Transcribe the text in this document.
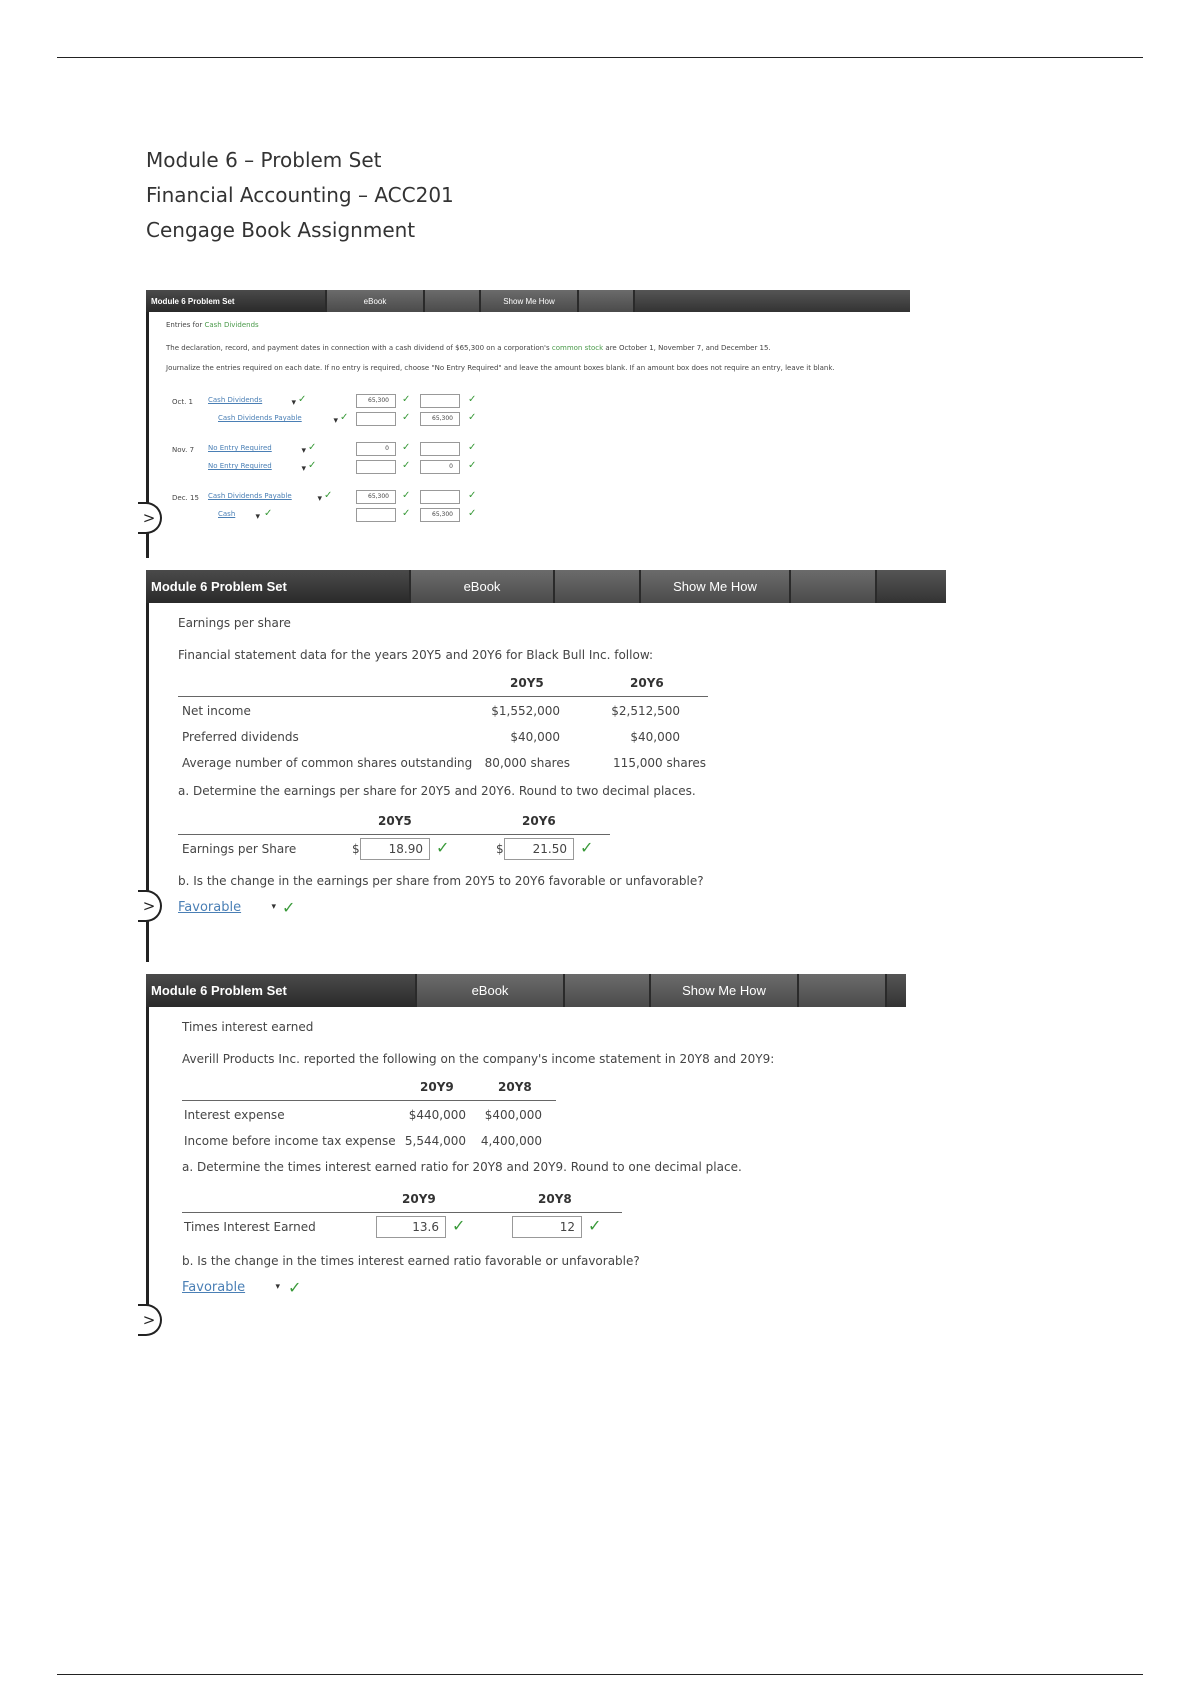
Module 6 – Problem Set
Financial Accounting – ACC201
Cengage Book Assignment
Module 6 Problem Set	eBook	Show Me How
Entries for Cash Dividends
The declaration, record, and payment dates in connection with a cash dividend of $65,300 on a corporation's common stock are October 1, November 7, and December 15.
Journalize the entries required on each date. If no entry is required, choose "No Entry Required" and leave the amount boxes blank. If an amount box does not require an entry, leave it blank.
Oct. 1 Cash Dividends	▾ ✓	65,300	✓	✓
Cash Dividends Payable	▾ ✓	✓	65,300	✓
Nov. 7 No Entry Required	▾ ✓	0	✓	✓
No Entry Required	▾ ✓	✓	0	✓
Dec. 15 Cash Dividends Payable	▾ ✓	65,300	✓	✓
Cash ▾ ✓	✓	65,300	✓
>
Module 6 Problem Set	eBook	Show Me How
Earnings per share
Financial statement data for the years 20Y5 and 20Y6 for Black Bull Inc. follow:
20Y5	20Y6
Net income	$1,552,000	$2,512,500
Preferred dividends	$40,000	$40,000
Average number of common shares outstanding	80,000 shares	115,000 shares
a. Determine the earnings per share for 20Y5 and 20Y6. Round to two decimal places.
20Y5	20Y6
Earnings per Share	$	18.90 ✓	$	21.50 ✓
b. Is the change in the earnings per share from 20Y5 to 20Y6 favorable or unfavorable?
Favorable	▾ ✓
>
Module 6 Problem Set	eBook	Show Me How
Times interest earned
Averill Products Inc. reported the following on the company's income statement in 20Y8 and 20Y9:
20Y9	20Y8
Interest expense	$440,000	$400,000
Income before income tax expense 5,544,000	4,400,000
a. Determine the times interest earned ratio for 20Y8 and 20Y9. Round to one decimal place.
20Y9	20Y8
Times Interest Earned	13.6 ✓	12 ✓
b. Is the change in the times interest earned ratio favorable or unfavorable?
Favorable	▾ ✓
>
